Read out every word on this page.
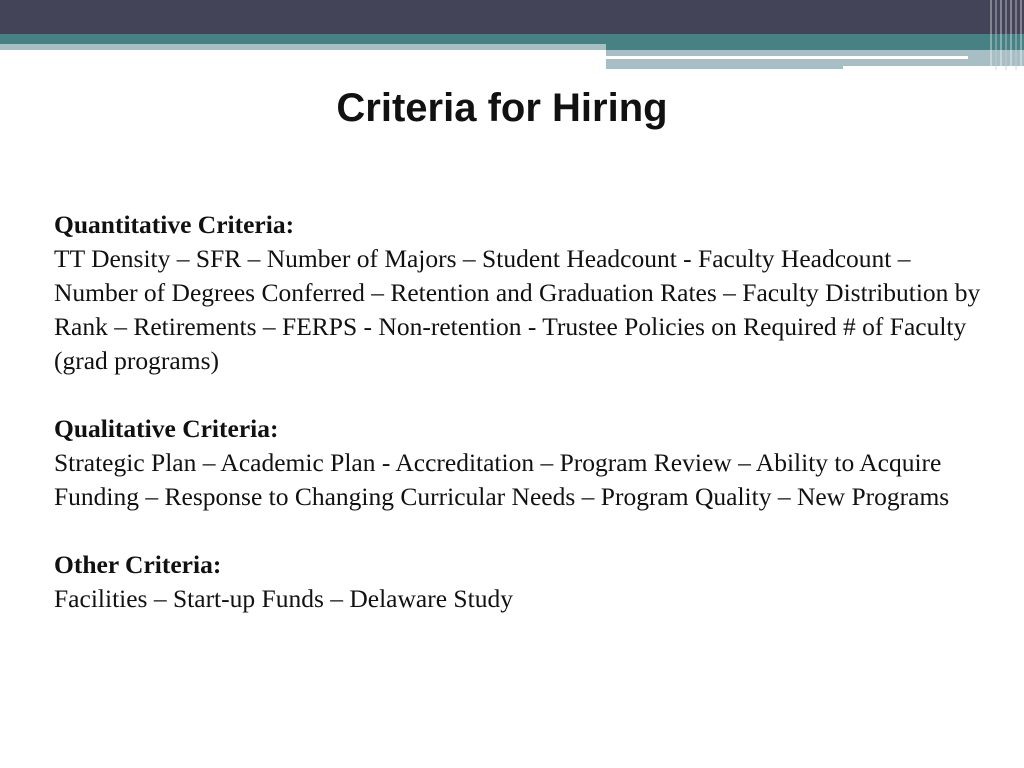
Criteria for Hiring
Quantitative Criteria:
TT Density – SFR – Number of Majors – Student Headcount - Faculty Headcount – Number of Degrees Conferred – Retention and Graduation Rates – Faculty Distribution by Rank – Retirements – FERPS - Non-retention - Trustee Policies on Required # of Faculty (grad programs)
Qualitative Criteria:
Strategic Plan – Academic Plan - Accreditation – Program Review – Ability to Acquire Funding – Response to Changing Curricular Needs – Program Quality – New Programs
Other Criteria:
Facilities – Start-up Funds – Delaware Study
